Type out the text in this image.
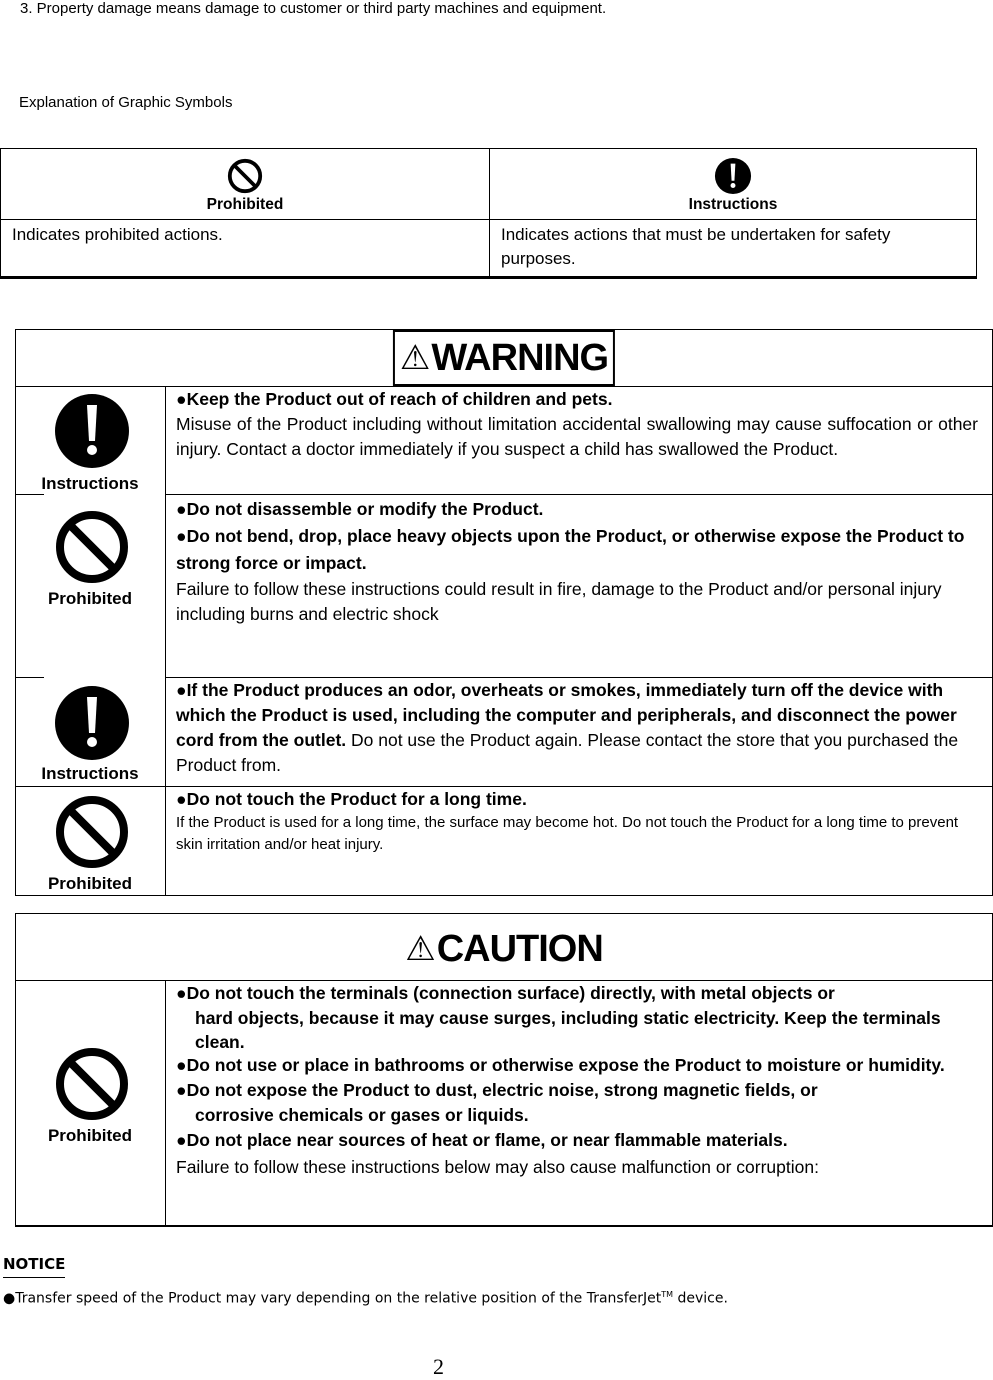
3. Property damage means damage to customer or third party machines and equipment.
Explanation of Graphic Symbols
Prohibited
Indicates prohibited actions.
Instructions
Indicates actions that must be undertaken for safety purposes.
⚠ WARNING
Instructions
●Keep the Product out of reach of children and pets.
Misuse of the Product including without limitation accidental swallowing may cause suffocation or other injury. Contact a doctor immediately if you suspect a child has swallowed the Product.
Prohibited
●Do not disassemble or modify the Product.
●Do not bend, drop, place heavy objects upon the Product, or otherwise expose the Product to strong force or impact.
Failure to follow these instructions could result in fire, damage to the Product and/or personal injury including burns and electric shock
Instructions
●If the Product produces an odor, overheats or smokes, immediately turn off the device with which the Product is used, including the computer and peripherals, and disconnect the power cord from the outlet. Do not use the Product again. Please contact the store that you purchased the Product from.
Prohibited
●Do not touch the Product for a long time.
If the Product is used for a long time, the surface may become hot. Do not touch the Product for a long time to prevent skin irritation and/or heat injury.
⚠ CAUTION
Prohibited
●Do not touch the terminals (connection surface) directly, with metal objects or
hard objects, because it may cause surges, including static electricity. Keep the terminals clean.
●Do not use or place in bathrooms or otherwise expose the Product to moisture or humidity.
●Do not expose the Product to dust, electric noise, strong magnetic fields, or
corrosive chemicals or gases or liquids.
●Do not place near sources of heat or flame, or near flammable materials.
Failure to follow these instructions below may also cause malfunction or corruption:
NOTICE
●Transfer speed of the Product may vary depending on the relative position of the TransferJet™ device.
2
